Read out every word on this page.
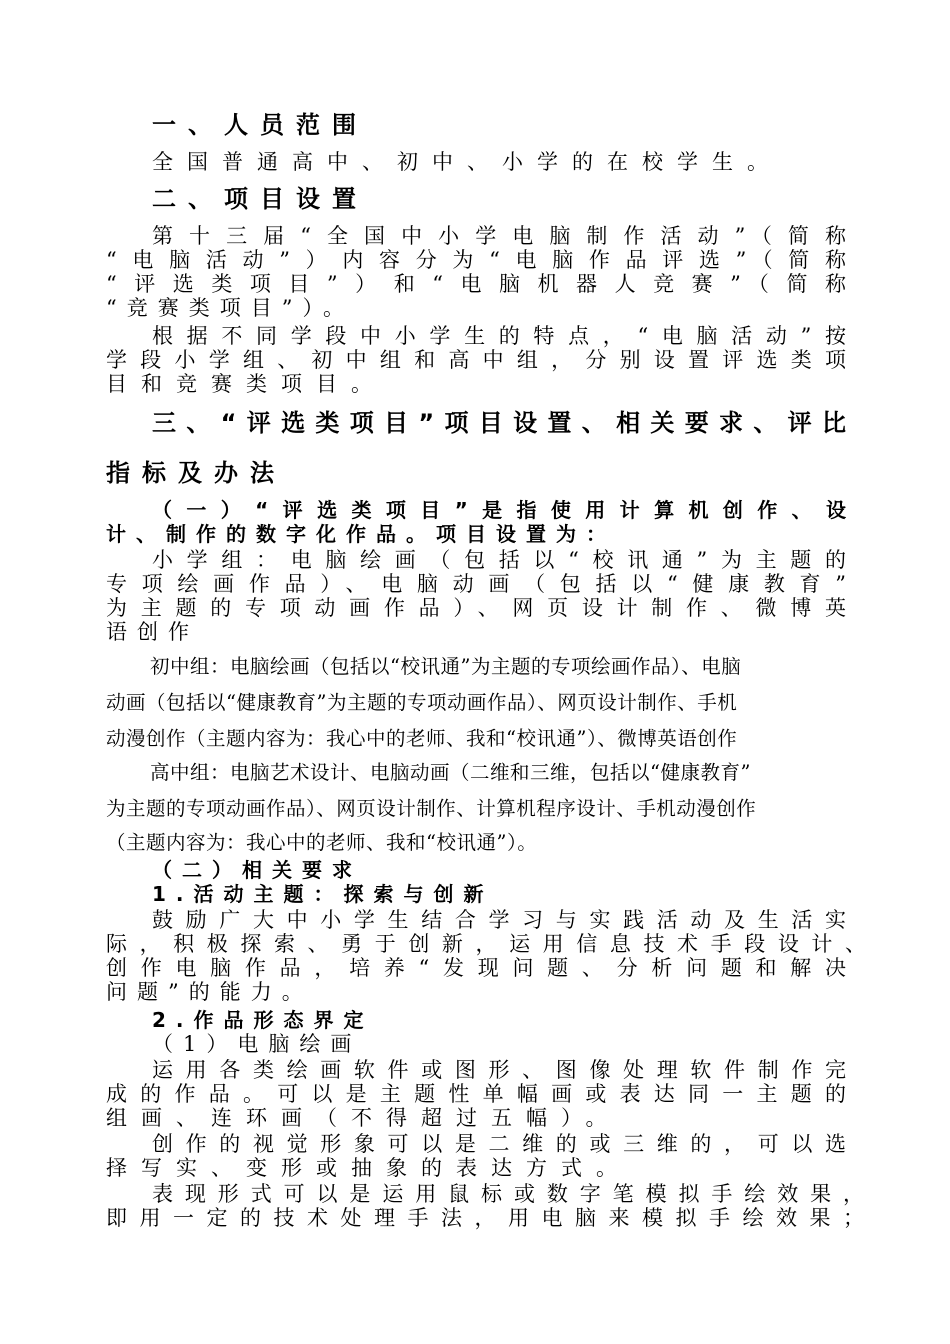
一、人员范围
全国普通高中、初中、小学的在校学生。
二、项目设置
第十三届“全国中小学电脑制作活动”（简称
“电脑活动”）内容分为“电脑作品评选”（简称
“评选类项目”）和“电脑机器人竞赛”（简称
“竞赛类项目”）。
根据不同学段中小学生的特点，“电脑活动”按
学段小学组、初中组和高中组，分别设置评选类项
目和竞赛类项目。
三、“评选类项目”项目设置、相关要求、评比
指标及办法
（一）“评选类项目”是指使用计算机创作、设
计、制作的数字化作品。项目设置为：
小学组：电脑绘画（包括以“校讯通”为主题的
专项绘画作品）、电脑动画（包括以“健康教育”
为主题的专项动画作品）、网页设计制作、微博英
语创作
初中组：电脑绘画（包括以“校讯通”为主题的专项绘画作品）、电脑
动画（包括以“健康教育”为主题的专项动画作品）、网页设计制作、手机
动漫创作（主题内容为：我心中的老师、我和“校讯通”）、微博英语创作
高中组：电脑艺术设计、电脑动画（二维和三维，包括以“健康教育”
为主题的专项动画作品）、网页设计制作、计算机程序设计、手机动漫创作
（主题内容为：我心中的老师、我和“校讯通”）。
（二）相关要求
1.活动主题：探索与创新
鼓励广大中小学生结合学习与实践活动及生活实
际，积极探索、勇于创新，运用信息技术手段设计、
创作电脑作品，培养“发现问题、分析问题和解决
问题”的能力。
2.作品形态界定
（1）电脑绘画
运用各类绘画软件或图形、图像处理软件制作完
成的作品。可以是主题性单幅画或表达同一主题的
组画、连环画（不得超过五幅）。
创作的视觉形象可以是二维的或三维的，可以选
择写实、变形或抽象的表达方式。
表现形式可以是运用鼠标或数字笔模拟手绘效果，
即用一定的技术处理手法，用电脑来模拟手绘效果；
